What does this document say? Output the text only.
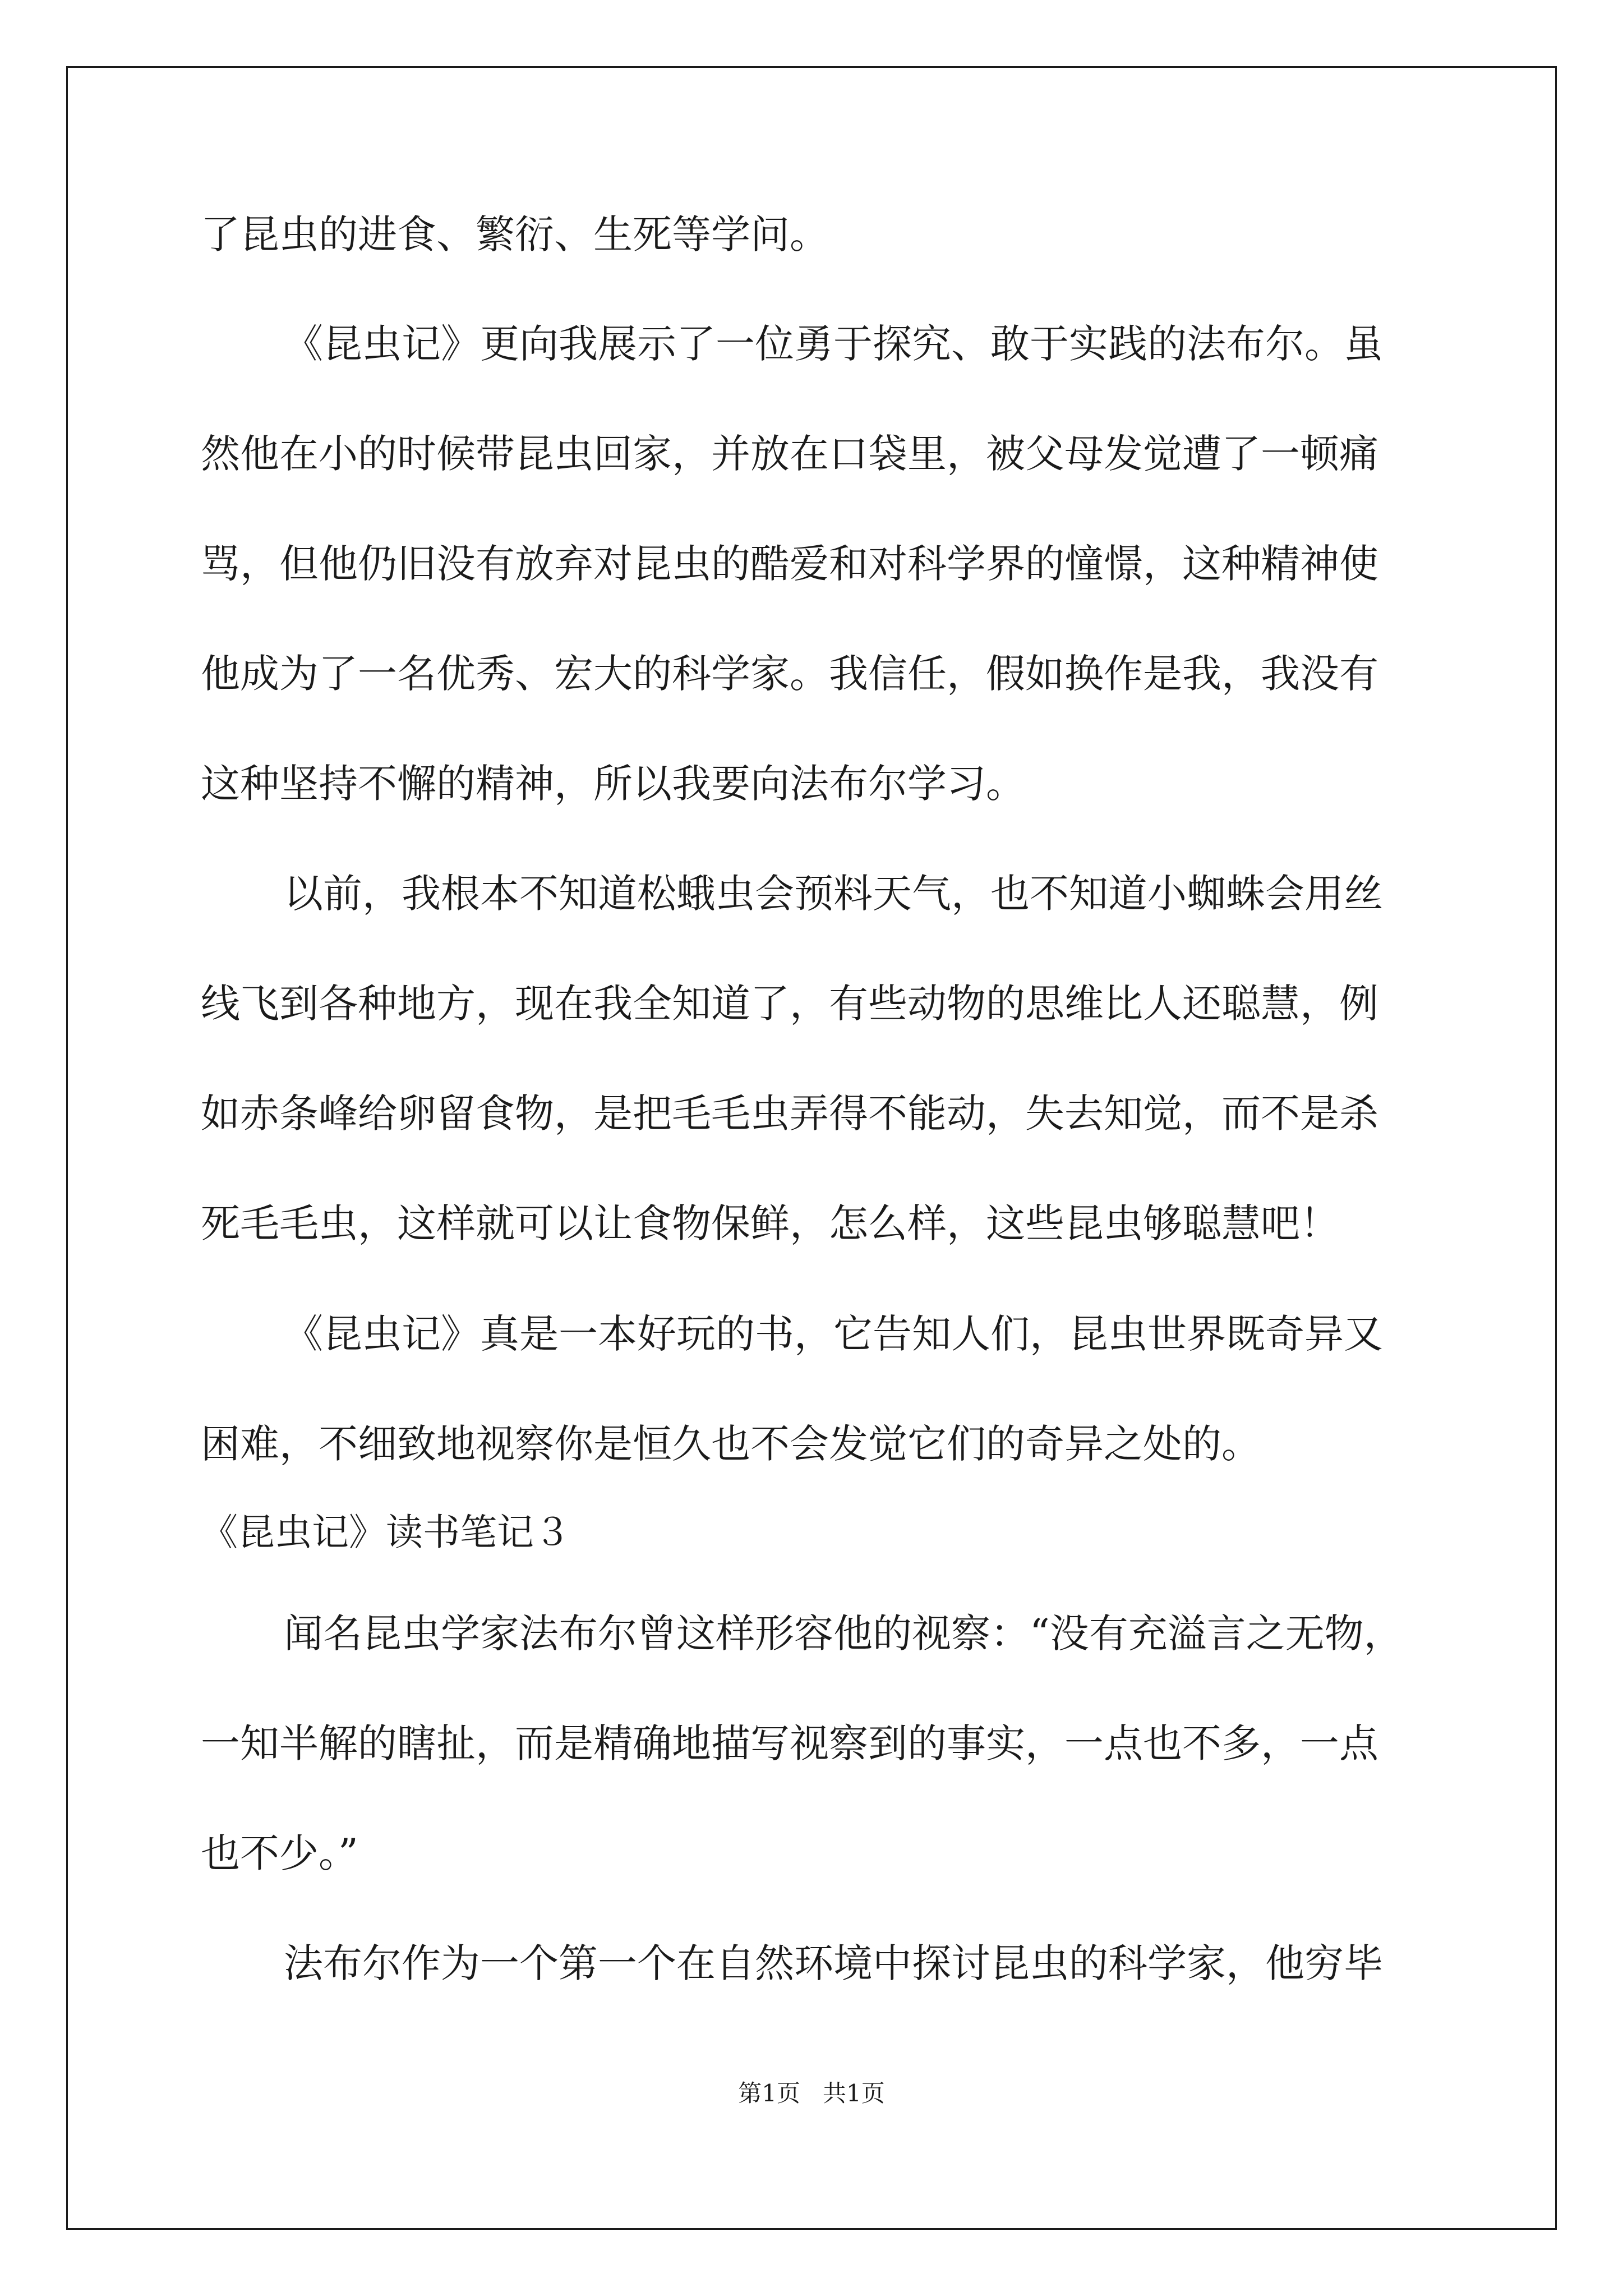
了昆虫的进食、繁衍、生死等学问。
《昆虫记》更向我展示了一位勇于探究、敢于实践的法布尔。虽
然他在小的时候带昆虫回家，并放在口袋里，被父母发觉遭了一顿痛
骂，但他仍旧没有放弃对昆虫的酷爱和对科学界的憧憬，这种精神使
他成为了一名优秀、宏大的科学家。我信任，假如换作是我，我没有
这种坚持不懈的精神，所以我要向法布尔学习。
以前，我根本不知道松蛾虫会预料天气，也不知道小蜘蛛会用丝
线飞到各种地方，现在我全知道了，有些动物的思维比人还聪慧，例
如赤条峰给卵留食物，是把毛毛虫弄得不能动，失去知觉，而不是杀
死毛毛虫，这样就可以让食物保鲜，怎么样，这些昆虫够聪慧吧！
《昆虫记》真是一本好玩的书，它告知人们，昆虫世界既奇异又
困难，不细致地视察你是恒久也不会发觉它们的奇异之处的。
《昆虫记》读书笔记３
闻名昆虫学家法布尔曾这样形容他的视察：“没有充溢言之无物，
一知半解的瞎扯，而是精确地描写视察到的事实，一点也不多，一点
也不少。”
法布尔作为一个第一个在自然环境中探讨昆虫的科学家，他穷毕
第1页   共1页
